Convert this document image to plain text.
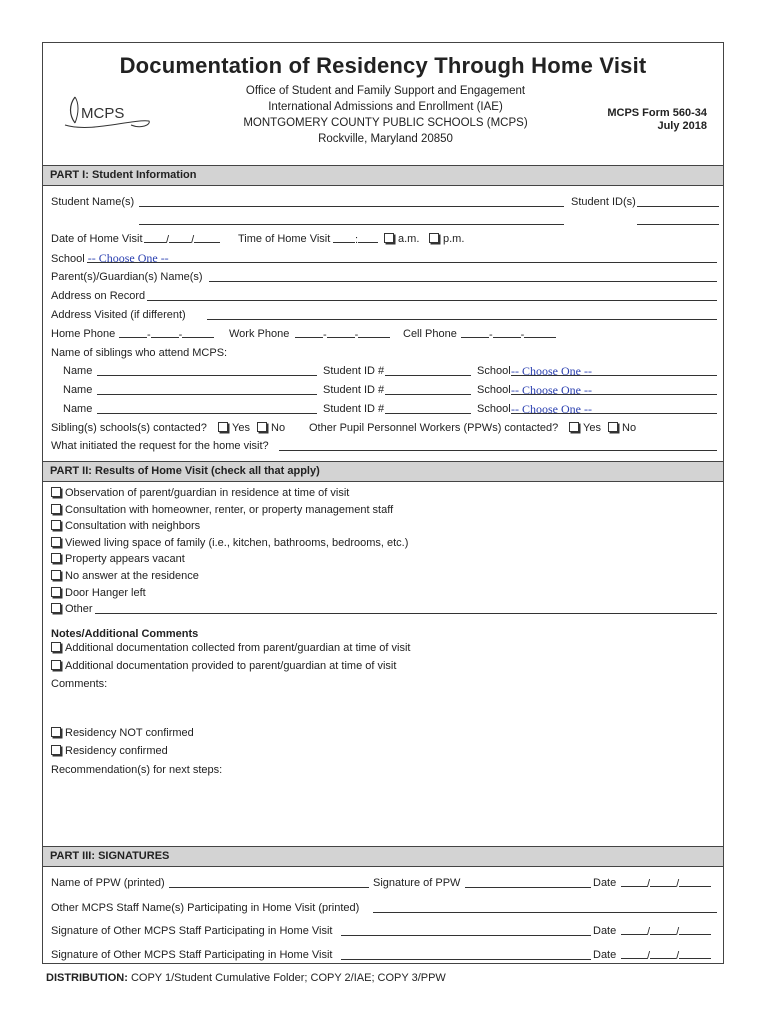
Documentation of Residency Through Home Visit
MCPS
Office of Student and Family Support and Engagement
International Admissions and Enrollment (IAE)
MONTGOMERY COUNTY PUBLIC SCHOOLS (MCPS)
Rockville, Maryland 20850
MCPS Form 560-34
July 2018
PART I: Student Information
Student Name(s)	Student ID(s)
Date of Home Visit	/ /	Time of Home Visit	:	a.m.	p.m.
School -- Choose One --
Parent(s)/Guardian(s) Name(s)
Address on Record
Address Visited (if different)
Home Phone	-	-	Work Phone	-	-	Cell Phone	-	-
Name of siblings who attend MCPS:
Name	Student ID #	School -- Choose One --
Name	Student ID #	School -- Choose One --
Name	Student ID #	School -- Choose One --
Sibling(s) schools(s) contacted?	Yes	No Other Pupil Personnel Workers (PPWs) contacted?	Yes	No
What initiated the request for the home visit?
PART II: Results of Home Visit (check all that apply)
Observation of parent/guardian in residence at time of visit
Consultation with homeowner, renter, or property management staff
Consultation with neighbors
Viewed living space of family (i.e., kitchen, bathrooms, bedrooms, etc.)
Property appears vacant
No answer at the residence
Door Hanger left
Other
Notes/Additional Comments
Additional documentation collected from parent/guardian at time of visit
Additional documentation provided to parent/guardian at time of visit
Comments:
Residency NOT confirmed
Residency confirmed
Recommendation(s) for next steps:
PART III: SIGNATURES
Name of PPW (printed)	Signature of PPW	Date	/ /
Other MCPS Staff Name(s) Participating in Home Visit (printed)
Signature of Other MCPS Staff Participating in Home Visit	Date	/ /
Signature of Other MCPS Staff Participating in Home Visit	Date	/ /
DISTRIBUTION: COPY 1/Student Cumulative Folder; COPY 2/IAE; COPY 3/PPW
